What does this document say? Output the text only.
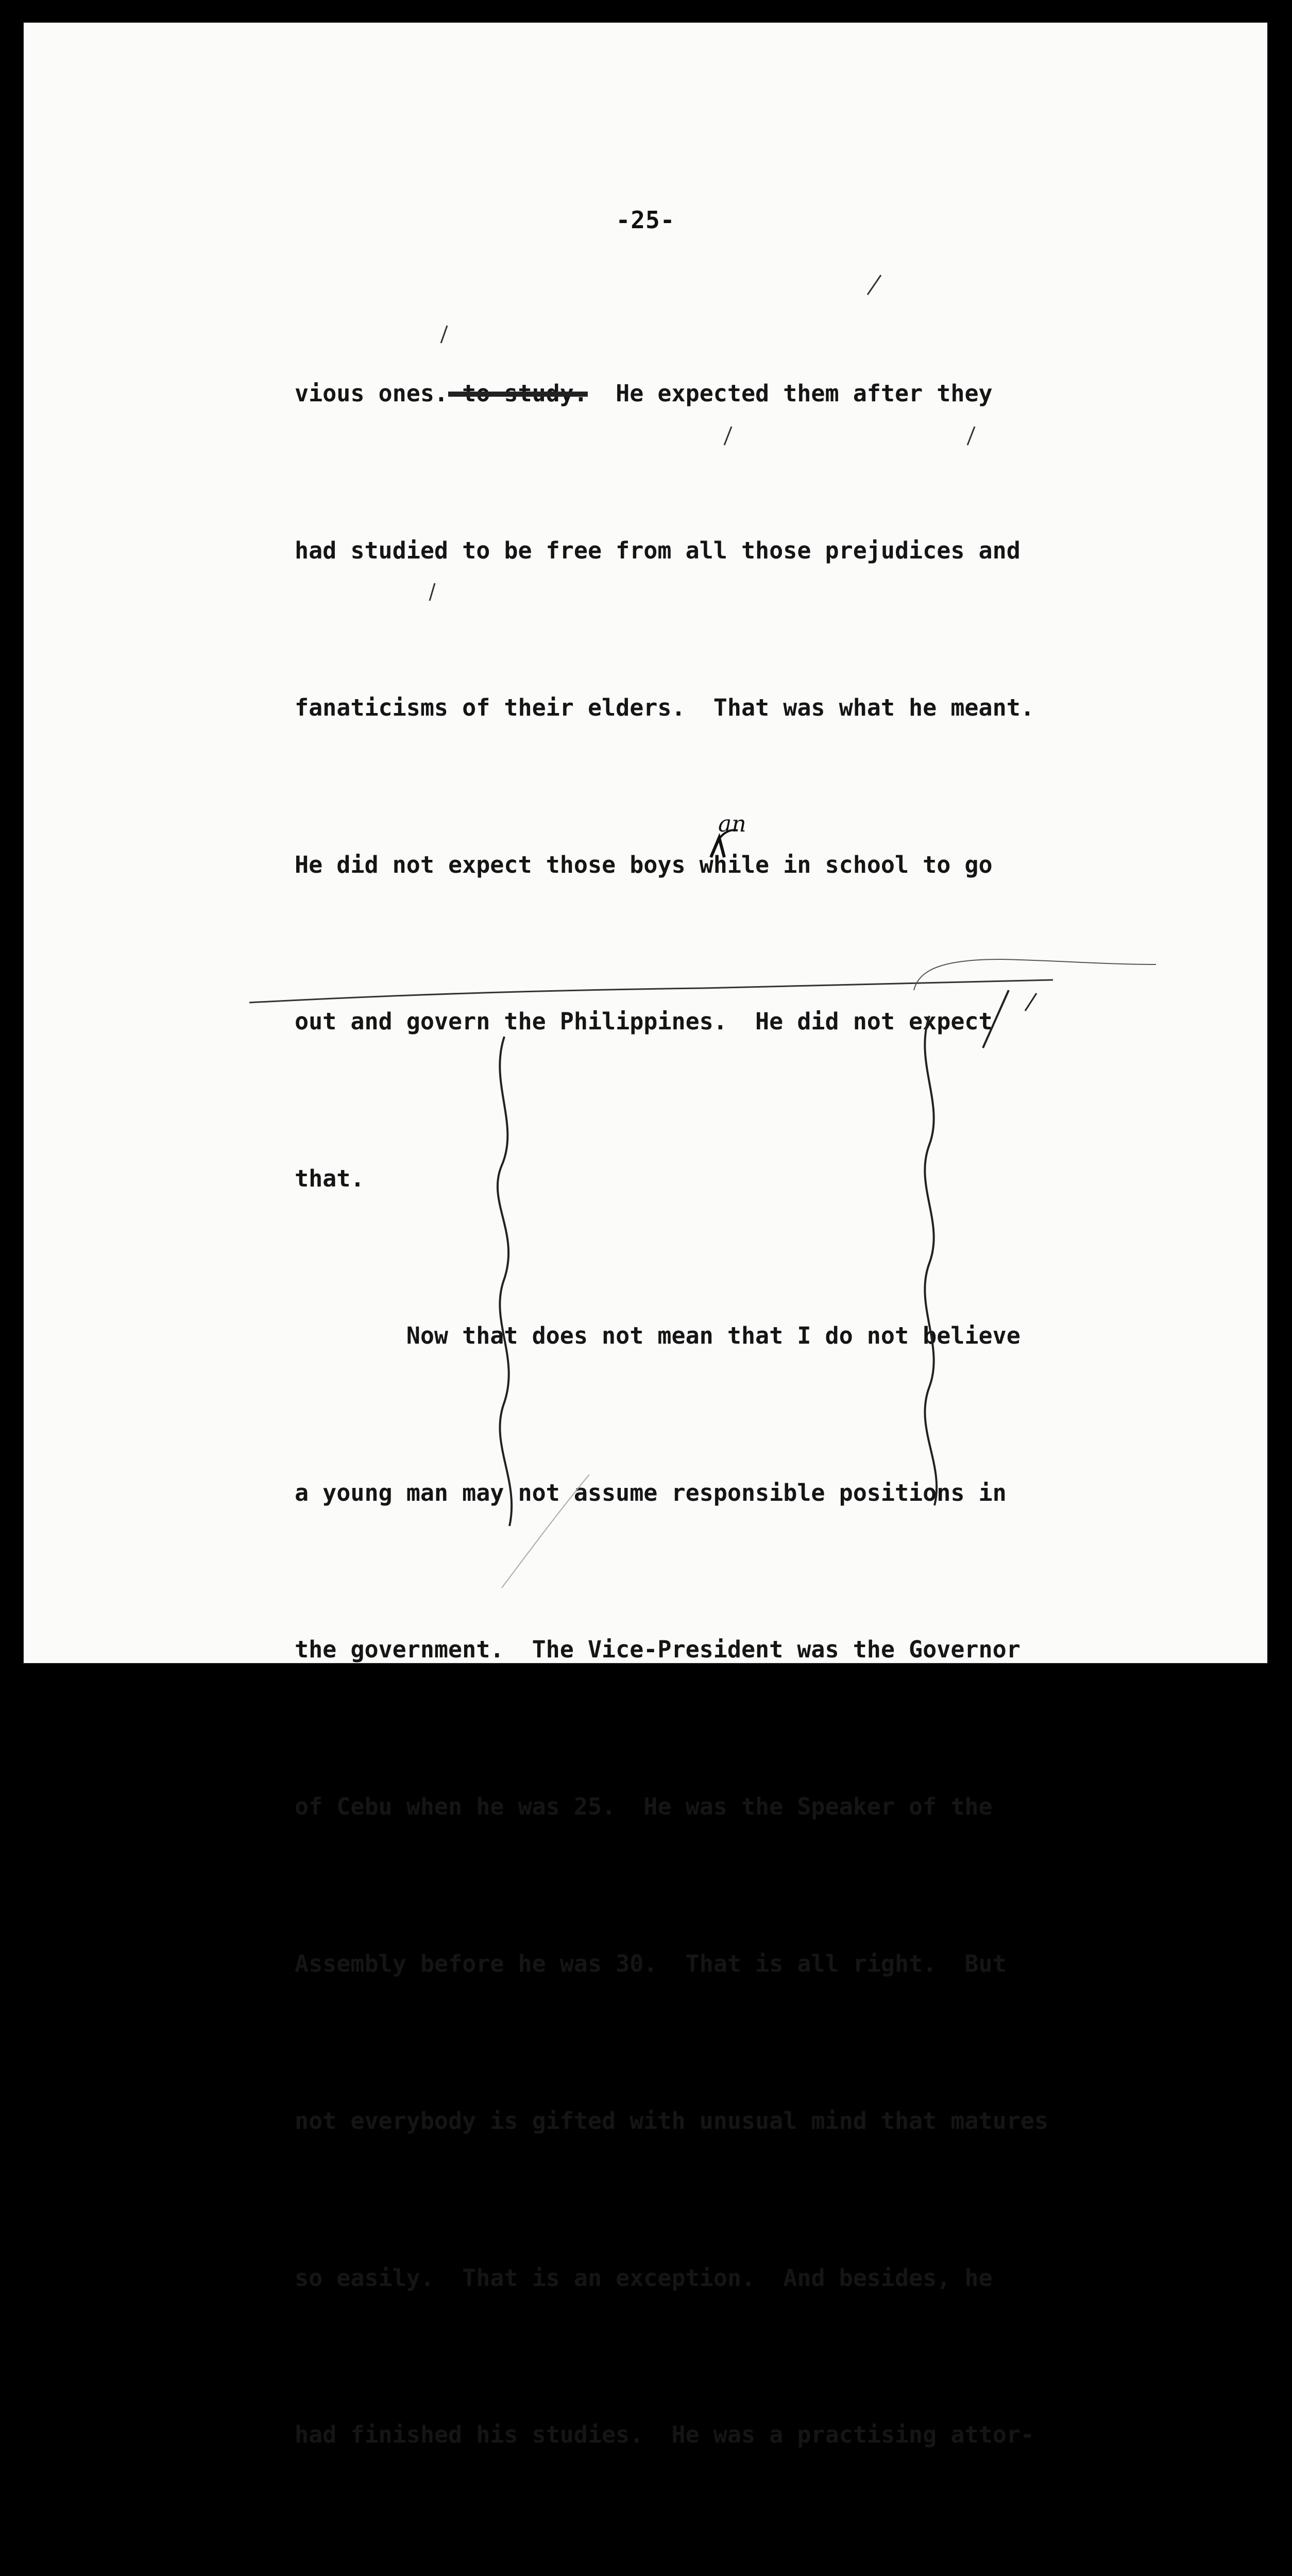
-25-

vious ones. to study.  He expected them after they

had studied to be free from all those prejudices and

fanaticisms of their elders.  That was what he meant.

He did not expect those boys while in school to go

out and govern the Philippines.  He did not expect

that.

Now that does not mean that I do not believe

a young man may not assume responsible positions in

the government.  The Vice-President was the Governor

of Cebu when he was 25.  He was the Speaker of the

Assembly before he was 30.  That is all right.  But

not everybody is gifted with unusual mind that matures

so easily.  That is an exception.  And besides, he

had finished his studies.  He was a practising attor-

an
